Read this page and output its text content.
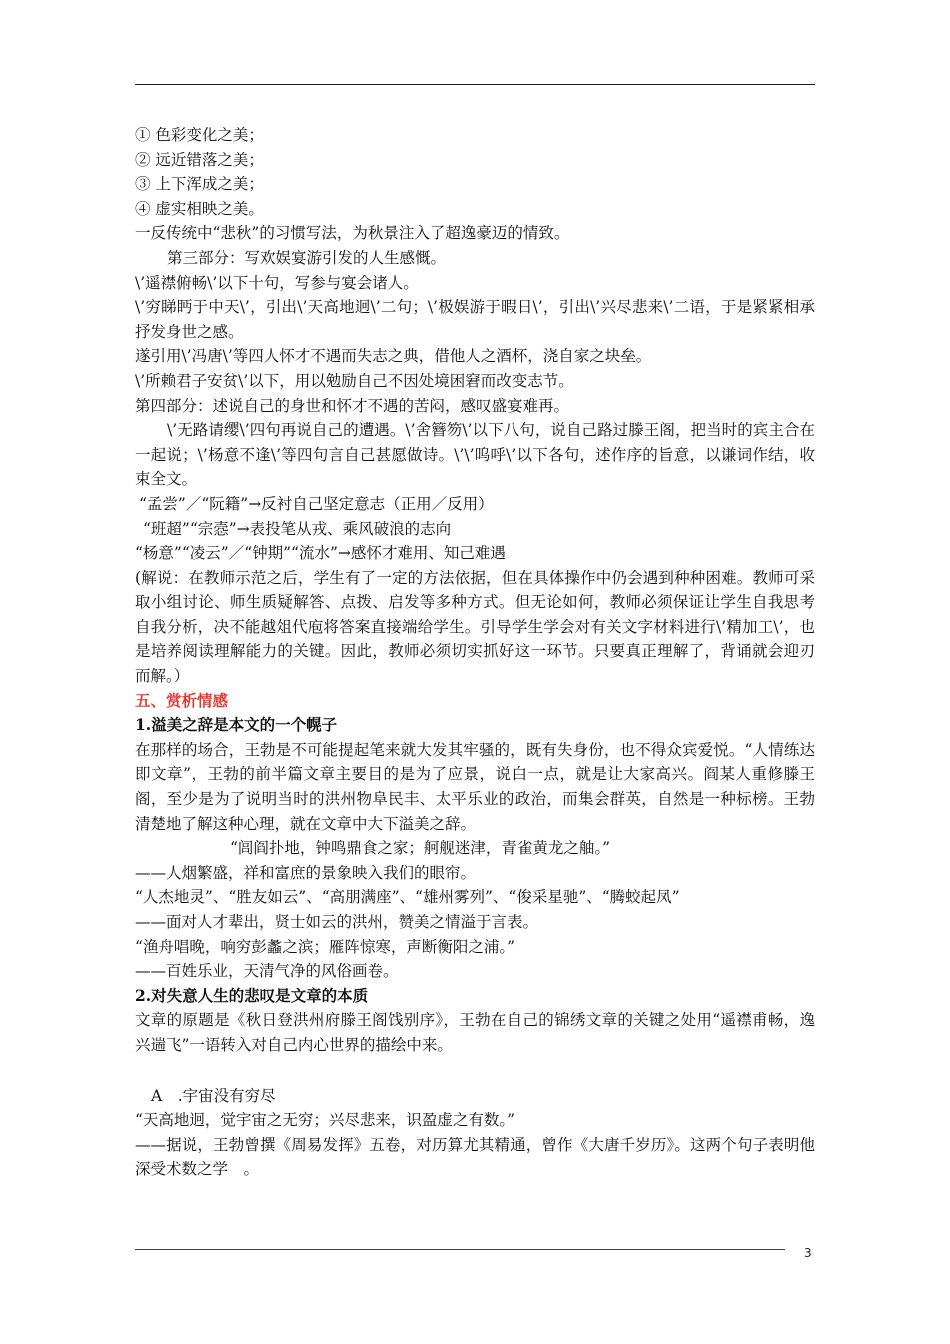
① 色彩变化之美；
② 远近错落之美；
③ 上下浑成之美；
④ 虚实相映之美。
一反传统中“悲秋”的习惯写法，为秋景注入了超逸豪迈的情致。
第三部分：写欢娱宴游引发的人生感慨。
\’遥襟俯畅\’以下十句，写参与宴会诸人。
\’穷睇眄于中天\’，引出\’天高地迥\’二句；\’极娱游于暇日\’，引出\’兴尽悲来\’二语，于是紧紧相承抒发身世之感。
遂引用\’冯唐\’等四人怀才不遇而失志之典，借他人之酒杯，浇自家之块垒。
\’所赖君子安贫\’以下，用以勉励自己不因处境困窘而改变志节。
第四部分：述说自己的身世和怀才不遇的苦闷，感叹盛宴难再。
\’无路请缨\’四句再说自己的遭遇。\’舍簪笏\’以下八句，说自己路过滕王阁，把当时的宾主合在一起说；\’杨意不逢\’等四句言自己甚愿做诗。\’\’呜呼\’以下各句，述作序的旨意，以谦词作结，收束全文。
“孟尝”／“阮籍”→反衬自己坚定意志（正用／反用）
“班超”“宗悫”→表投笔从戎、乘风破浪的志向
“杨意”“凌云”／“钟期”“流水”→感怀才难用、知己难遇
(解说：在教师示范之后，学生有了一定的方法依据，但在具体操作中仍会遇到种种困难。教师可采取小组讨论、师生质疑解答、点拨、启发等多种方式。但无论如何，教师必须保证让学生自我思考自我分析，决不能越俎代庖将答案直接端给学生。引导学生学会对有关文字材料进行\’精加工\’，也是培养阅读理解能力的关键。因此，教师必须切实抓好这一环节。只要真正理解了，背诵就会迎刃而解。）
五、赏析情感
1.溢美之辞是本文的一个幌子
在那样的场合，王勃是不可能提起笔来就大发其牢骚的，既有失身份，也不得众宾爱悦。“人情练达即文章”，王勃的前半篇文章主要目的是为了应景，说白一点，就是让大家高兴。阎某人重修滕王阁，至少是为了说明当时的洪州物阜民丰、太平乐业的政治，而集会群英，自然是一种标榜。王勃清楚地了解这种心理，就在文章中大下溢美之辞。
“闾阎扑地，钟鸣鼎食之家；舸舰迷津，青雀黄龙之舳。”
——人烟繁盛，祥和富庶的景象映入我们的眼帘。
“人杰地灵”、“胜友如云”、“高朋满座”、“雄州雾列”、“俊采星驰”、“腾蛟起凤”
——面对人才辈出，贤士如云的洪州，赞美之情溢于言表。
“渔舟唱晚，响穷彭蠡之滨；雁阵惊寒，声断衡阳之浦。”
——百姓乐业，天清气净的风俗画卷。
2.对失意人生的悲叹是文章的本质
文章的原题是《秋日登洪州府滕王阁饯别序》，王勃在自己的锦绣文章的关键之处用“遥襟甫畅，逸兴遄飞”一语转入对自己内心世界的描绘中来。
A　.宇宙没有穷尽
“天高地迥，觉宇宙之无穷；兴尽悲来，识盈虚之有数。”
——据说，王勃曾撰《周易发挥》五卷，对历算尤其精通，曾作《大唐千岁历》。这两个句子表明他深受术数之学　。
3
